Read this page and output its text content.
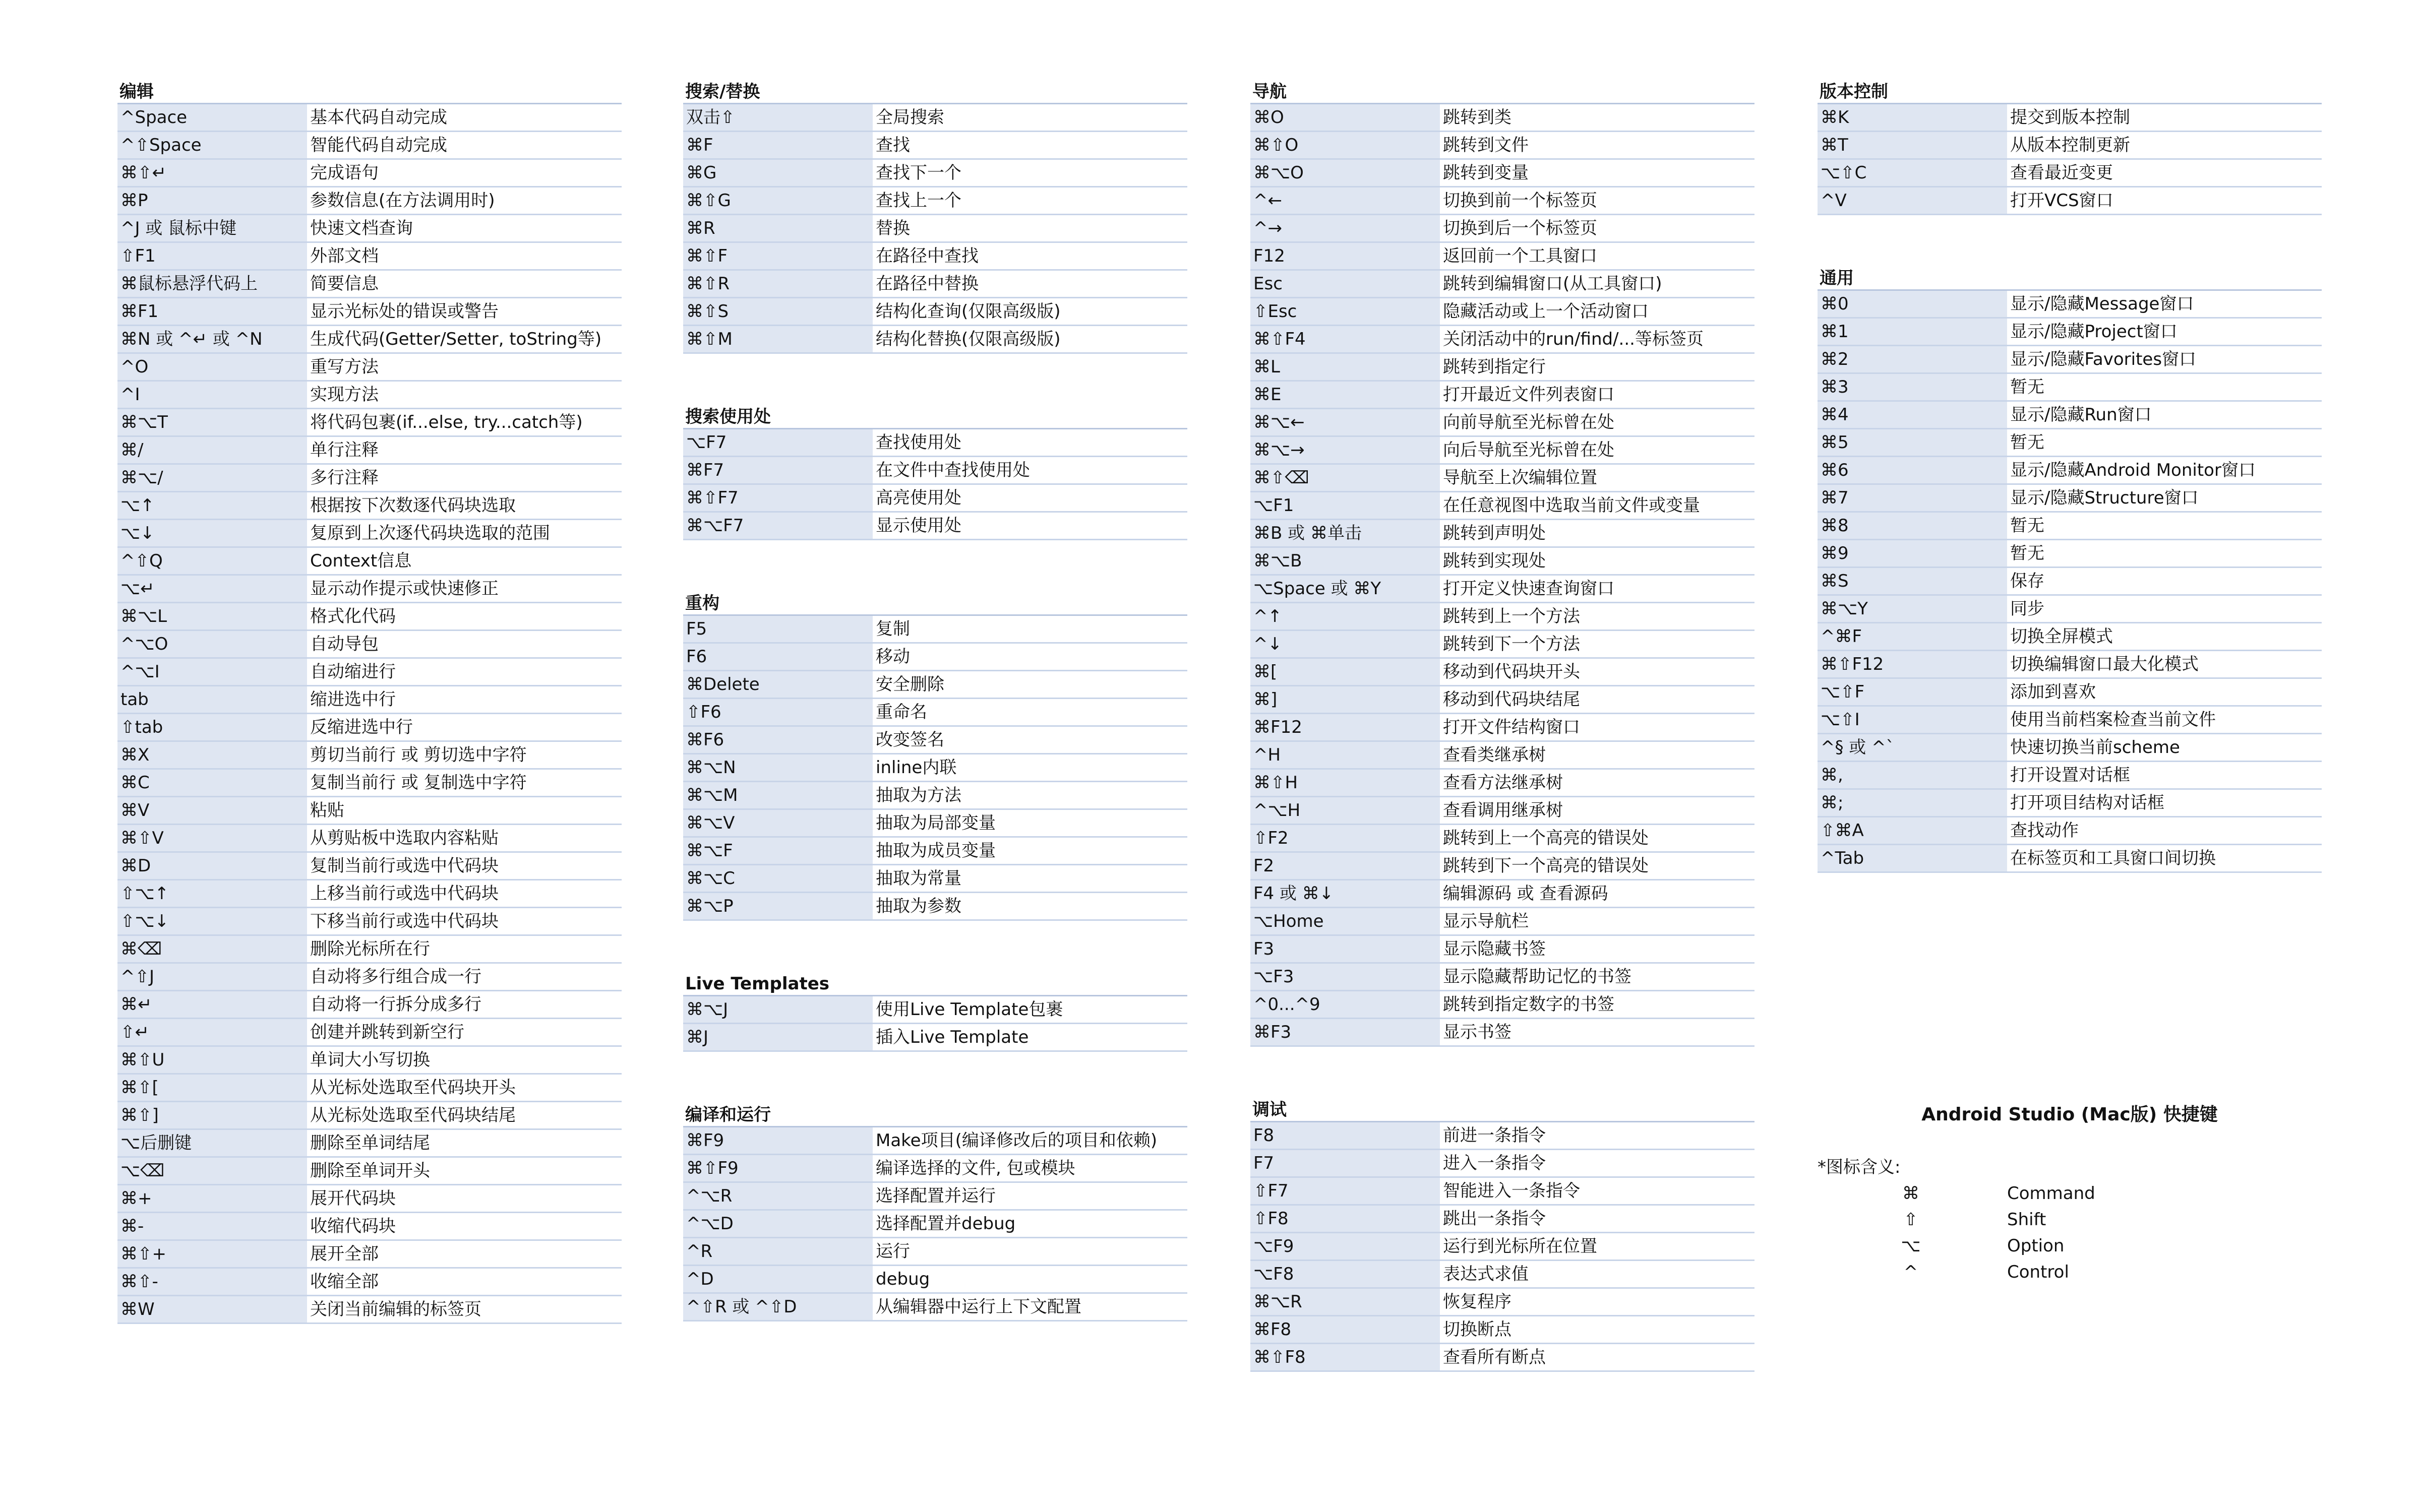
编辑
^Space	基本代码自动完成
^⇧Space	智能代码自动完成
⌘⇧↵	完成语句
⌘P	参数信息(在方法调用时)
^J 或 鼠标中键	快速文档查询
⇧F1	外部文档
⌘鼠标悬浮代码上	简要信息
⌘F1	显示光标处的错误或警告
⌘N 或 ^↵ 或 ^N	生成代码(Getter/Setter, toString等)
^O	重写方法
^I	实现方法
⌘⌥T	将代码包裹(if...else, try...catch等)
⌘/	单行注释
⌘⌥/	多行注释
⌥↑	根据按下次数逐代码块选取
⌥↓	复原到上次逐代码块选取的范围
^⇧Q	Context信息
⌥↵	显示动作提示或快速修正
⌘⌥L	格式化代码
^⌥O	自动导包
^⌥I	自动缩进行
tab	缩进选中行
⇧tab	反缩进选中行
⌘X	剪切当前行 或 剪切选中字符
⌘C	复制当前行 或 复制选中字符
⌘V	粘贴
⌘⇧V	从剪贴板中选取内容粘贴
⌘D	复制当前行或选中代码块
⇧⌥↑	上移当前行或选中代码块
⇧⌥↓	下移当前行或选中代码块
⌘⌫	删除光标所在行
^⇧J	自动将多行组合成一行
⌘↵	自动将一行拆分成多行
⇧↵	创建并跳转到新空行
⌘⇧U	单词大小写切换
⌘⇧[	从光标处选取至代码块开头
⌘⇧]	从光标处选取至代码块结尾
⌥后删键	删除至单词结尾
⌥⌫	删除至单词开头
⌘+	展开代码块
⌘-	收缩代码块
⌘⇧+	展开全部
⌘⇧-	收缩全部
⌘W	关闭当前编辑的标签页
搜索/替换
双击⇧	全局搜索
⌘F	查找
⌘G	查找下一个
⌘⇧G	查找上一个
⌘R	替换
⌘⇧F	在路径中查找
⌘⇧R	在路径中替换
⌘⇧S	结构化查询(仅限高级版)
⌘⇧M	结构化替换(仅限高级版)
搜索使用处
⌥F7	查找使用处
⌘F7	在文件中查找使用处
⌘⇧F7	高亮使用处
⌘⌥F7	显示使用处
重构
F5	复制
F6	移动
⌘Delete	安全删除
⇧F6	重命名
⌘F6	改变签名
⌘⌥N	inline内联
⌘⌥M	抽取为方法
⌘⌥V	抽取为局部变量
⌘⌥F	抽取为成员变量
⌘⌥C	抽取为常量
⌘⌥P	抽取为参数
Live Templates
⌘⌥J	使用Live Template包裹
⌘J	插入Live Template
编译和运行
⌘F9	Make项目(编译修改后的项目和依赖)
⌘⇧F9	编译选择的文件, 包或模块
^⌥R	选择配置并运行
^⌥D	选择配置并debug
^R	运行
^D	debug
^⇧R 或 ^⇧D	从编辑器中运行上下文配置
导航
⌘O	跳转到类
⌘⇧O	跳转到文件
⌘⌥O	跳转到变量
^←	切换到前一个标签页
^→	切换到后一个标签页
F12	返回前一个工具窗口
Esc	跳转到编辑窗口(从工具窗口)
⇧Esc	隐藏活动或上一个活动窗口
⌘⇧F4	关闭活动中的run/find/...等标签页
⌘L	跳转到指定行
⌘E	打开最近文件列表窗口
⌘⌥←	向前导航至光标曾在处
⌘⌥→	向后导航至光标曾在处
⌘⇧⌫	导航至上次编辑位置
⌥F1	在任意视图中选取当前文件或变量
⌘B 或 ⌘单击	跳转到声明处
⌘⌥B	跳转到实现处
⌥Space 或 ⌘Y	打开定义快速查询窗口
^↑	跳转到上一个方法
^↓	跳转到下一个方法
⌘[	移动到代码块开头
⌘]	移动到代码块结尾
⌘F12	打开文件结构窗口
^H	查看类继承树
⌘⇧H	查看方法继承树
^⌥H	查看调用继承树
⇧F2	跳转到上一个高亮的错误处
F2	跳转到下一个高亮的错误处
F4 或 ⌘↓	编辑源码 或 查看源码
⌥Home	显示导航栏
F3	显示隐藏书签
⌥F3	显示隐藏帮助记忆的书签
^0...^9	跳转到指定数字的书签
⌘F3	显示书签
调试
F8	前进一条指令
F7	进入一条指令
⇧F7	智能进入一条指令
⇧F8	跳出一条指令
⌥F9	运行到光标所在位置
⌥F8	表达式求值
⌘⌥R	恢复程序
⌘F8	切换断点
⌘⇧F8	查看所有断点
版本控制
⌘K	提交到版本控制
⌘T	从版本控制更新
⌥⇧C	查看最近变更
^V	打开VCS窗口
通用
⌘0	显示/隐藏Message窗口
⌘1	显示/隐藏Project窗口
⌘2	显示/隐藏Favorites窗口
⌘3	暂无
⌘4	显示/隐藏Run窗口
⌘5	暂无
⌘6	显示/隐藏Android Monitor窗口
⌘7	显示/隐藏Structure窗口
⌘8	暂无
⌘9	暂无
⌘S	保存
⌘⌥Y	同步
^⌘F	切换全屏模式
⌘⇧F12	切换编辑窗口最大化模式
⌥⇧F	添加到喜欢
⌥⇧I	使用当前档案检查当前文件
^§ 或 ^`	快速切换当前scheme
⌘,	打开设置对话框
⌘;	打开项目结构对话框
⇧⌘A	查找动作
^Tab	在标签页和工具窗口间切换
Android Studio (Mac版) 快捷键
*图标含义:
⌘	Command
⇧	Shift
⌥	Option
^	Control
